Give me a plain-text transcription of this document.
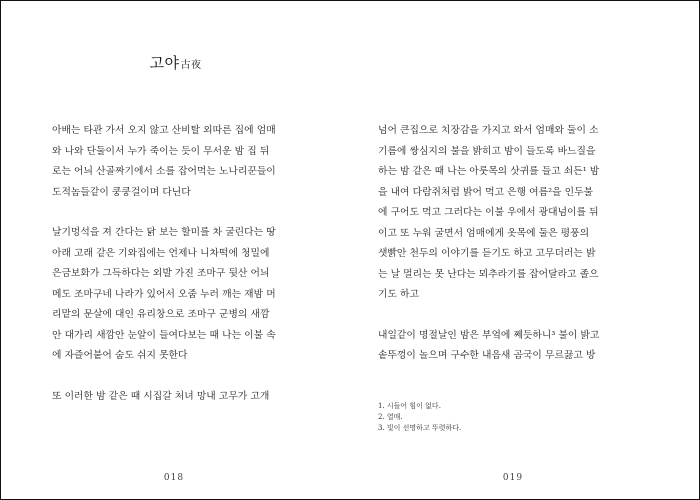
고야古夜
아배는 타관 가서 오지 않고 산비탈 외따른 집에 엄매
와 나와 단둘이서 누가 죽이는 듯이 무서운 밤 집 뒤
로는 어늬 산골짜기에서 소를 잡어먹는 노나리꾼들이
도적놈들같이 쿵쿵걸이며 다닌다
날기멍석을 져 간다는 닭 보는 할미를 차 굴린다는 땅
아래 고래 같은 기와집에는 언제나 니차떡에 청밀에
은금보화가 그득하다는 외발 가진 조마구 뒷산 어늬
메도 조마구네 나라가 있어서 오줌 누러 깨는 재밤 머
리맡의 문살에 대인 유리창으로 조마구 군병의 새깜
안 대가리 새깜안 눈알이 들여다보는 때 나는 이불 속
에 자즐어붙어 숨도 쉬지 못한다
또 이러한 밤 같은 때 시집갈 처녀 망내 고무가 고개
018
넘어 큰집으로 치장감을 가지고 와서 엄매와 둘이 소
기름에 쌍심지의 불을 밝히고 밤이 들도록 바느질을
하는 밤 같은 때 나는 아룻목의 삿귀를 들고 쇠든¹ 밤
을 내여 다람쥐처럼 밝어 먹고 은행 여름²을 인두불
에 구어도 먹고 그러다는 이불 우에서 광대넘이를 뒤
이고 또 누워 굴면서 엄매에게 옷목에 둘은 평풍의
샛빩안 천두의 이야기를 듣기도 하고 고무더러는 밝
는 날 멀리는 못 난다는 뫼추라기를 잡어달라고 졸으
기도 하고
내일같이 명절날인 밤은 부엌에 쩨듯하니³ 불이 밝고
솥뚜껑이 놀으며 구수한 내음새 곰국이 무르끓고 방
1. 시들어 힘이 없다.
2. 열매.
3. 빛이 선명하고 뚜렷하다.
019
